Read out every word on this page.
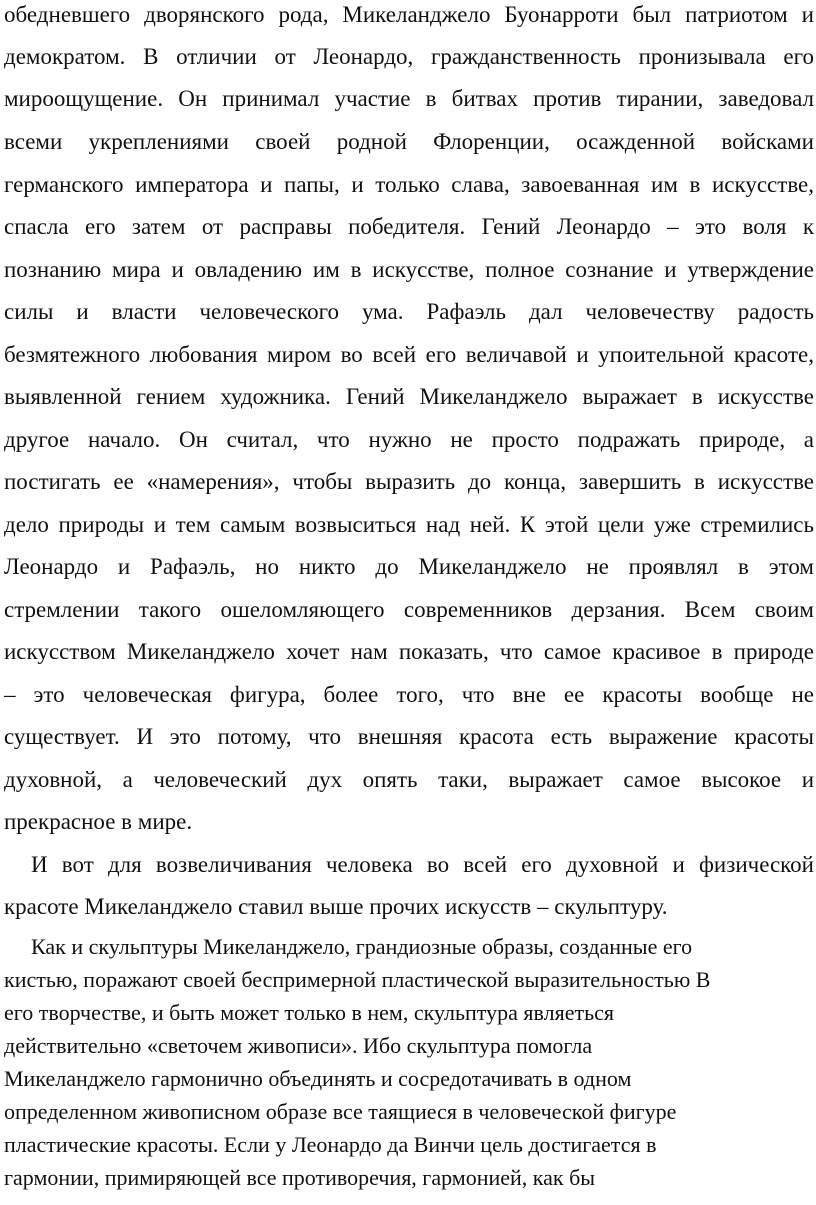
обедневшего дворянского рода, Микеланджело Буонарроти был патриотом и
демократом. В отличии от Леонардо, гражданственность пронизывала его
мироощущение. Он принимал участие в битвах против тирании, заведовал
всеми укреплениями своей родной Флоренции, осажденной войсками
германского императора и папы, и только слава, завоеванная им в искусстве,
спасла его затем от расправы победителя. Гений Леонардо – это воля к
познанию мира и овладению им в искусстве, полное сознание и утверждение
силы и власти человеческого ума. Рафаэль дал человечеству радость
безмятежного любования миром во всей его величавой и упоительной красоте,
выявленной гением художника. Гений Микеланджело выражает в искусстве
другое начало. Он считал, что нужно не просто подражать природе, а
постигать ее «намерения», чтобы выразить до конца, завершить в искусстве
дело природы и тем самым возвыситься над ней. К этой цели уже стремились
Леонардо и Рафаэль, но никто до Микеланджело не проявлял в этом
стремлении такого ошеломляющего современников дерзания. Всем своим
искусством Микеланджело хочет нам показать, что самое красивое в природе
– это человеческая фигура, более того, что вне ее красоты вообще не
существует. И это потому, что внешняя красота есть выражение красоты
духовной, а человеческий дух опять таки, выражает самое высокое и
прекрасное в мире.
И вот для возвеличивания человека во всей его духовной и физической
красоте Микеланджело ставил выше прочих искусств – скульптуру.
Как и скульптуры Микеланджело, грандиозные образы, созданные его
кистью, поражают своей беспримерной пластической выразительностью В
его творчестве, и быть может только в нем, скульптура являеться
действительно «светочем живописи». Ибо скульптура помогла
Микеланджело гармонично объединять и сосредотачивать в одном
определенном живописном образе все таящиеся в человеческой фигуре
пластические красоты. Если у Леонардо да Винчи цель достигается в
гармонии, примиряющей все противоречия, гармонией, как бы
